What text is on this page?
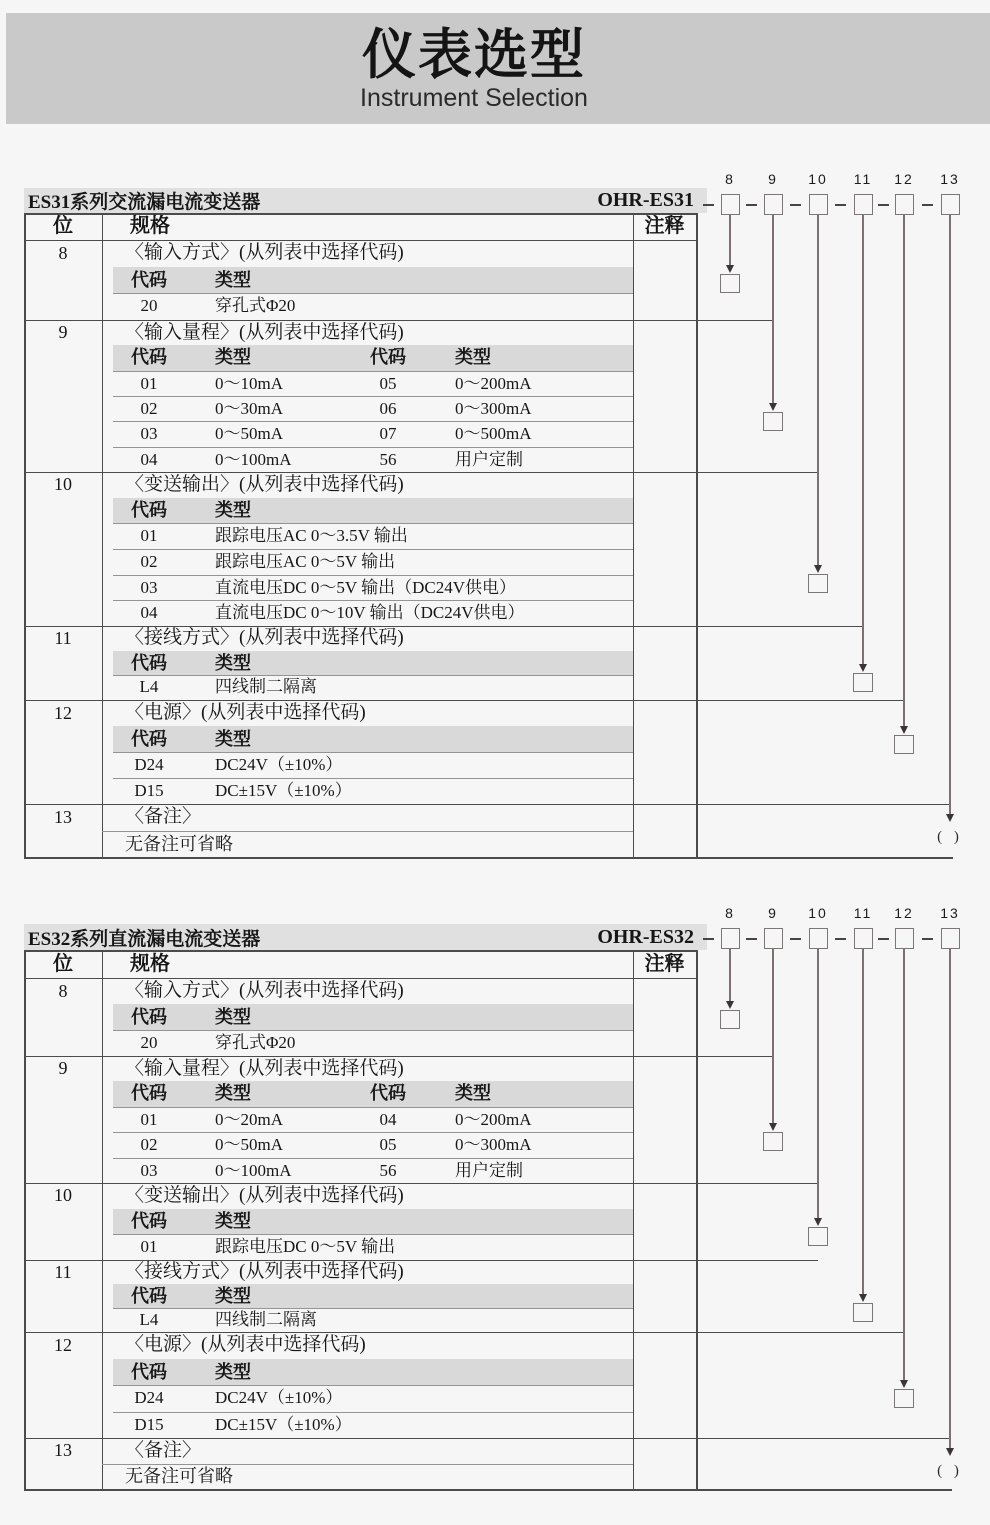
仪表选型
Instrument Selection
ES31系列交流漏电流变送器	OHR-ES31
位	规格	注释
8	〈输入方式〉(从列表中选择代码)
代码	类型
20	穿孔式Φ20
9	〈输入量程〉(从列表中选择代码)
代码	类型	代码	类型
01	0～10mA	05	0～200mA
02	0～30mA	06	0～300mA
03	0～50mA	07	0～500mA
04	0～100mA	56	用户定制
10	〈变送输出〉(从列表中选择代码)
代码	类型
01	跟踪电压AC 0～3.5V 输出
02	跟踪电压AC 0～5V 输出
03	直流电压DC 0～5V 输出（DC24V供电）
04	直流电压DC 0～10V 输出（DC24V供电）
11	〈接线方式〉(从列表中选择代码)
代码	类型
L4	四线制二隔离
12	〈电源〉(从列表中选择代码)
代码	类型
D24	DC24V（±10%）
D15	DC±15V（±10%）
13	〈备注〉
无备注可省略
8	9	10	11	12	13
( )
ES32系列直流漏电流变送器	OHR-ES32
位	规格	注释
8	〈输入方式〉(从列表中选择代码)
代码	类型
20	穿孔式Φ20
9	〈输入量程〉(从列表中选择代码)
代码	类型	代码	类型
01	0～20mA	04	0～200mA
02	0～50mA	05	0～300mA
03	0～100mA	56	用户定制
10	〈变送输出〉(从列表中选择代码)
代码	类型
01	跟踪电压DC 0～5V 输出
11	〈接线方式〉(从列表中选择代码)
代码	类型
L4	四线制二隔离
12	〈电源〉(从列表中选择代码)
代码	类型
D24	DC24V（±10%）
D15	DC±15V（±10%）
13	〈备注〉
无备注可省略
8	9	10	11	12	13
( )
